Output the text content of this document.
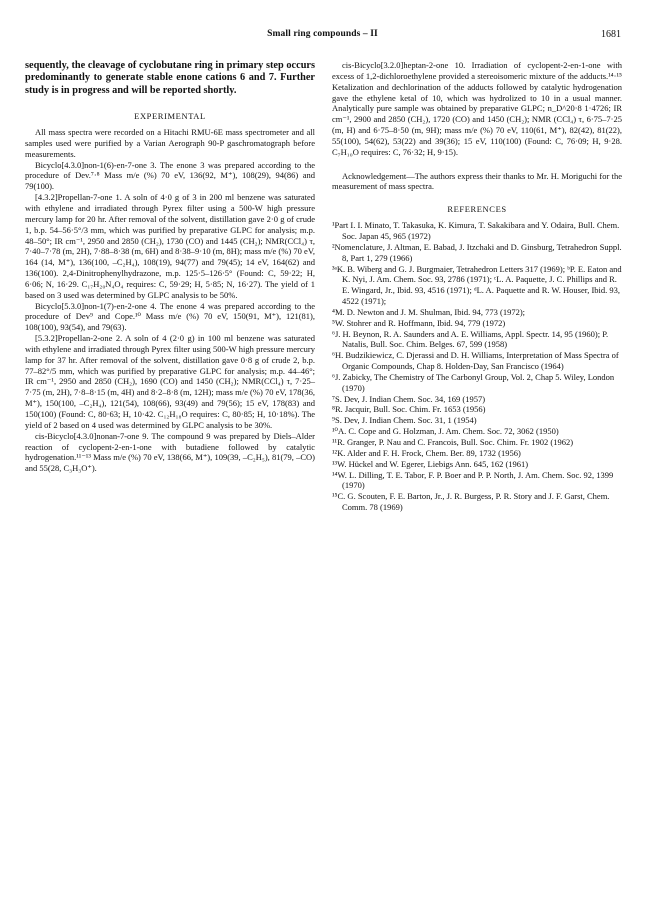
Small ring compounds – II	1681

sequently, the cleavage of cyclobutane ring in primary step occurs predominantly to generate stable enone cations 6 and 7. Further study is in progress and will be reported shortly.

EXPERIMENTAL

All mass spectra were recorded on a Hitachi RMU-6E mass spectrometer and all samples used were purified by a Varian Aerograph 90-P gaschromatograph before measurements.

Bicyclo[4.3.0]non-1(6)-en-7-one 3. The enone 3 was prepared according to the procedure of Dev.⁷·⁸ Mass m/e (%) 70 eV, 136(92, M⁺), 108(29), 94(86) and 79(100).

[4.3.2]Propellan-7-one 1. A soln of 4·0 g of 3 in 200 ml benzene was saturated with ethylene and irradiated through Pyrex filter using a 500-W high pressure mercury lamp for 20 hr. After removal of the solvent, distillation gave 2·0 g of crude 1, b.p. 54–56·5°/3 mm, which was purified by preparative GLPC for analysis; m.p. 48–50°; IR cm⁻¹, 2950 and 2850 (CH₂), 1730 (CO) and 1445 (CH₂); NMR(CCl₄) τ, 7·40–7·78 (m, 2H), 7·88–8·38 (m, 6H) and 8·38–9·10 (m, 8H); mass m/e (%) 70 eV, 164 (14, M⁺), 136(100, –C₂H₄), 108(19), 94(77) and 79(45); 14 eV, 164(62) and 136(100). 2,4-Dinitrophenylhydrazone, m.p. 125·5–126·5° (Found: C, 59·22; H, 6·06; N, 16·29. C₁₇H₂₀N₄O₄ requires: C, 59·29; H, 5·85; N, 16·27). The yield of 1 based on 3 used was determined by GLPC analysis to be 50%.

Bicyclo[5.3.0]non-1(7)-en-2-one 4. The enone 4 was prepared according to the procedure of Dev⁹ and Cope.¹⁰ Mass m/e (%) 70 eV, 150(91, M⁺), 121(81), 108(100), 93(54), and 79(63).

[5.3.2]Propellan-2-one 2. A soln of 4 (2·0 g) in 100 ml benzene was saturated with ethylene and irradiated through Pyrex filter using 500-W high pressure mercury lamp for 37 hr. After removal of the solvent, distillation gave 0·8 g of crude 2, b.p. 77–82°/5 mm, which was purified by preparative GLPC for analysis; m.p. 44–46°; IR cm⁻¹, 2950 and 2850 (CH₂), 1690 (CO) and 1450 (CH₂); NMR(CCl₄) τ, 7·25–7·75 (m, 2H), 7·8–8·15 (m, 4H) and 8·2–8·8 (m, 12H); mass m/e (%) 70 eV, 178(36, M⁺), 150(100, –C₂H₄), 121(54), 108(66), 93(49) and 79(56); 15 eV, 178(83) and 150(100) (Found: C, 80·63; H, 10·42. C₁₂H₁₈O requires: C, 80·85; H, 10·18%). The yield of 2 based on 4 used was determined by GLPC analysis to be 30%.

cis-Bicyclo[4.3.0]nonan-7-one 9. The compound 9 was prepared by Diels–Alder reaction of cyclopent-2-en-1-one with butadiene followed by catalytic hydrogenation.¹¹⁻¹³ Mass m/e (%) 70 eV, 138(66, M⁺), 109(39, –C₂H₅), 81(79, –CO) and 55(28, C₃H₃O⁺).

cis-Bicyclo[3.2.0]heptan-2-one 10. Irradiation of cyclopent-2-en-1-one with excess of 1,2-dichloroethylene provided a stereoisomeric mixture of the adducts.¹⁴·¹⁵ Ketalization and dechlorination of the adducts followed by catalytic hydrogenation gave the ethylene ketal of 10, which was hydrolized to 10 in a usual manner. Analytically pure sample was obtained by preparative GLPC; n_D^20·8 1·4726; IR cm⁻¹, 2900 and 2850 (CH₂), 1720 (CO) and 1450 (CH₂); NMR (CCl₄) τ, 6·75–7·25 (m, H) and 6·75–8·50 (m, 9H); mass m/e (%) 70 eV, 110(61, M⁺), 82(42), 81(22), 55(100), 54(62), 53(22) and 39(36); 15 eV, 110(100) (Found: C, 76·09; H, 9·28. C₇H₁₀O requires: C, 76·32; H, 9·15).

Acknowledgement—The authors express their thanks to Mr. H. Moriguchi for the measurement of mass spectra.

REFERENCES

¹Part I. I. Minato, T. Takasuka, K. Kimura, T. Sakakibara and Y. Odaira, Bull. Chem. Soc. Japan 45, 965 (1972)

²Nomenclature, J. Altman, E. Babad, J. Itzchaki and D. Ginsburg, Tetrahedron Suppl. 8, Part 1, 279 (1966)

³ᵃK. B. Wiberg and G. J. Burgmaier, Tetrahedron Letters 317 (1969); ᵇP. E. Eaton and K. Nyi, J. Am. Chem. Soc. 93, 2786 (1971); ᶜL. A. Paquette, J. C. Phillips and R. E. Wingard, Jr., Ibid. 93, 4516 (1971); ᵈL. A. Paquette and R. W. Houser, Ibid. 93, 4522 (1971);

⁴M. D. Newton and J. M. Shulman, Ibid. 94, 773 (1972);

⁵W. Stohrer and R. Hoffmann, Ibid. 94, 779 (1972)

⁶J. H. Beynon, R. A. Saunders and A. E. Williams, Appl. Spectr. 14, 95 (1960); P. Natalis, Bull. Soc. Chim. Belges. 67, 599 (1958)

⁶H. Budzikiewicz, C. Djerassi and D. H. Williams, Interpretation of Mass Spectra of Organic Compounds, Chap 8. Holden-Day, San Francisco (1964)

⁶J. Zabicky, The Chemistry of The Carbonyl Group, Vol. 2, Chap 5. Wiley, London (1970)

⁷S. Dev, J. Indian Chem. Soc. 34, 169 (1957)

⁸R. Jacquir, Bull. Soc. Chim. Fr. 1653 (1956)

⁹S. Dev, J. Indian Chem. Soc. 31, 1 (1954)

¹⁰A. C. Cope and G. Holzman, J. Am. Chem. Soc. 72, 3062 (1950)

¹¹R. Granger, P. Nau and C. Francois, Bull. Soc. Chim. Fr. 1902 (1962)

¹²K. Alder and F. H. Frock, Chem. Ber. 89, 1732 (1956)

¹³W. Hückel and W. Egerer, Liebigs Ann. 645, 162 (1961)

¹⁴W. L. Dilling, T. E. Tabor, F. P. Boer and P. P. North, J. Am. Chem. Soc. 92, 1399 (1970)

¹⁵C. G. Scouten, F. E. Barton, Jr., J. R. Burgess, P. R. Story and J. F. Garst, Chem. Comm. 78 (1969)
